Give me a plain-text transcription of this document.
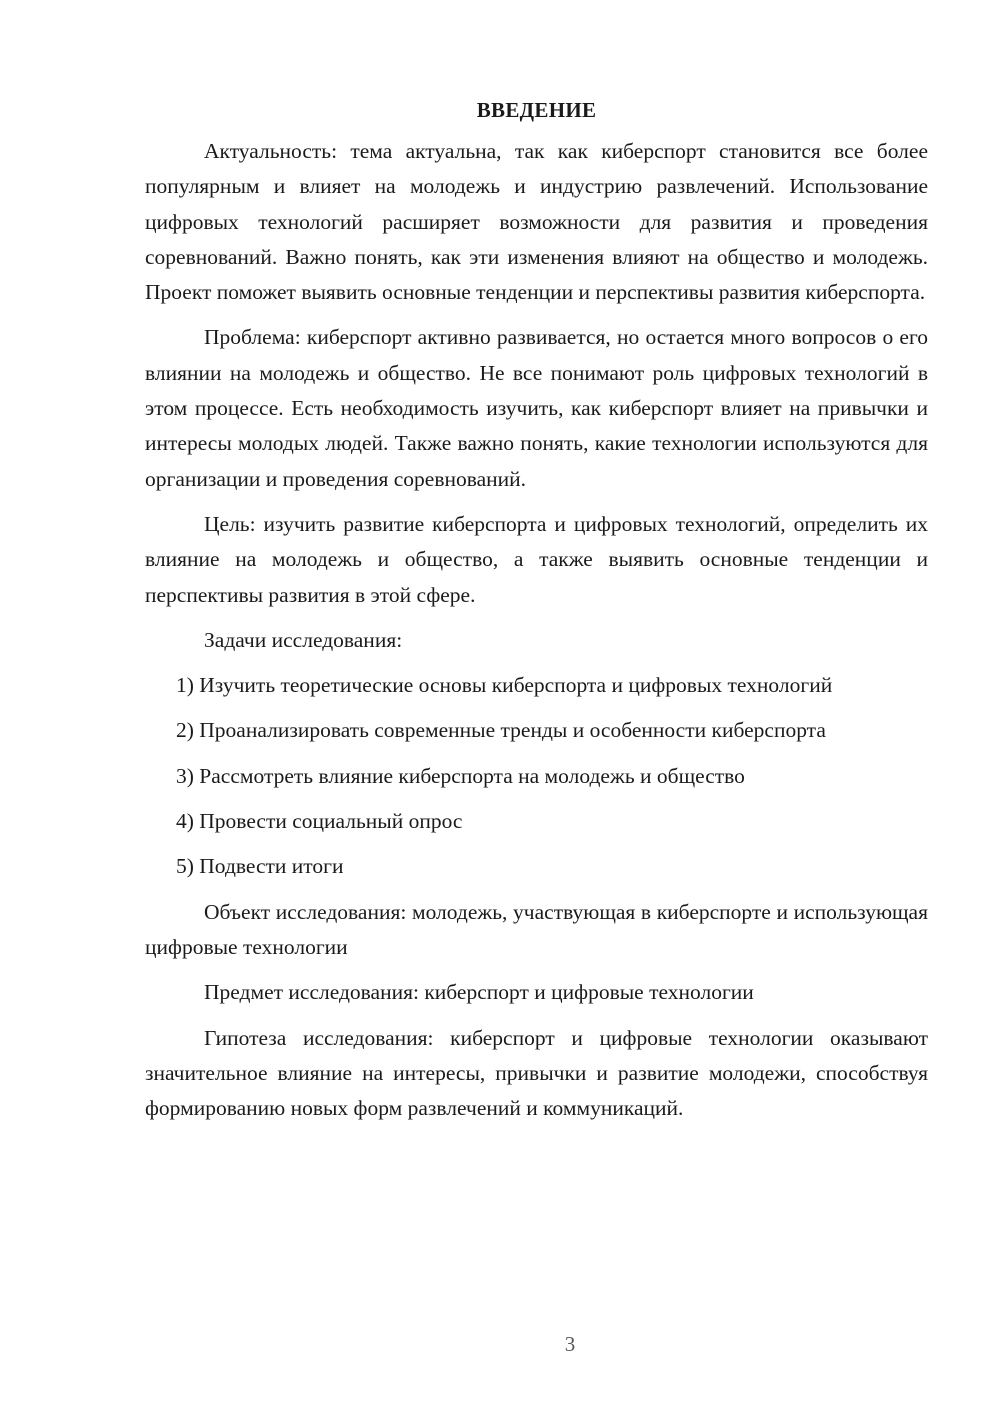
ВВЕДЕНИЕ

Актуальность: тема актуальна, так как киберспорт становится все более популярным и влияет на молодежь и индустрию развлечений. Использование цифровых технологий расширяет возможности для развития и проведения соревнований. Важно понять, как эти изменения влияют на общество и молодежь. Проект поможет выявить основные тенденции и перспективы развития киберспорта.

Проблема: киберспорт активно развивается, но остается много вопросов о его влиянии на молодежь и общество. Не все понимают роль цифровых технологий в этом процессе. Есть необходимость изучить, как киберспорт влияет на привычки и интересы молодых людей. Также важно понять, какие технологии используются для организации и проведения соревнований.

Цель: изучить развитие киберспорта и цифровых технологий, определить их влияние на молодежь и общество, а также выявить основные тенденции и перспективы развития в этой сфере.

Задачи исследования:

1) Изучить теоретические основы киберспорта и цифровых технологий

2) Проанализировать современные тренды и особенности киберспорта

3) Рассмотреть влияние киберспорта на молодежь и общество

4) Провести социальный опрос

5) Подвести итоги

Объект исследования: молодежь, участвующая в киберспорте и использующая цифровые технологии

Предмет исследования: киберспорт и цифровые технологии

Гипотеза исследования: киберспорт и цифровые технологии оказывают значительное влияние на интересы, привычки и развитие молодежи, способствуя формированию новых форм развлечений и коммуникаций.

3
